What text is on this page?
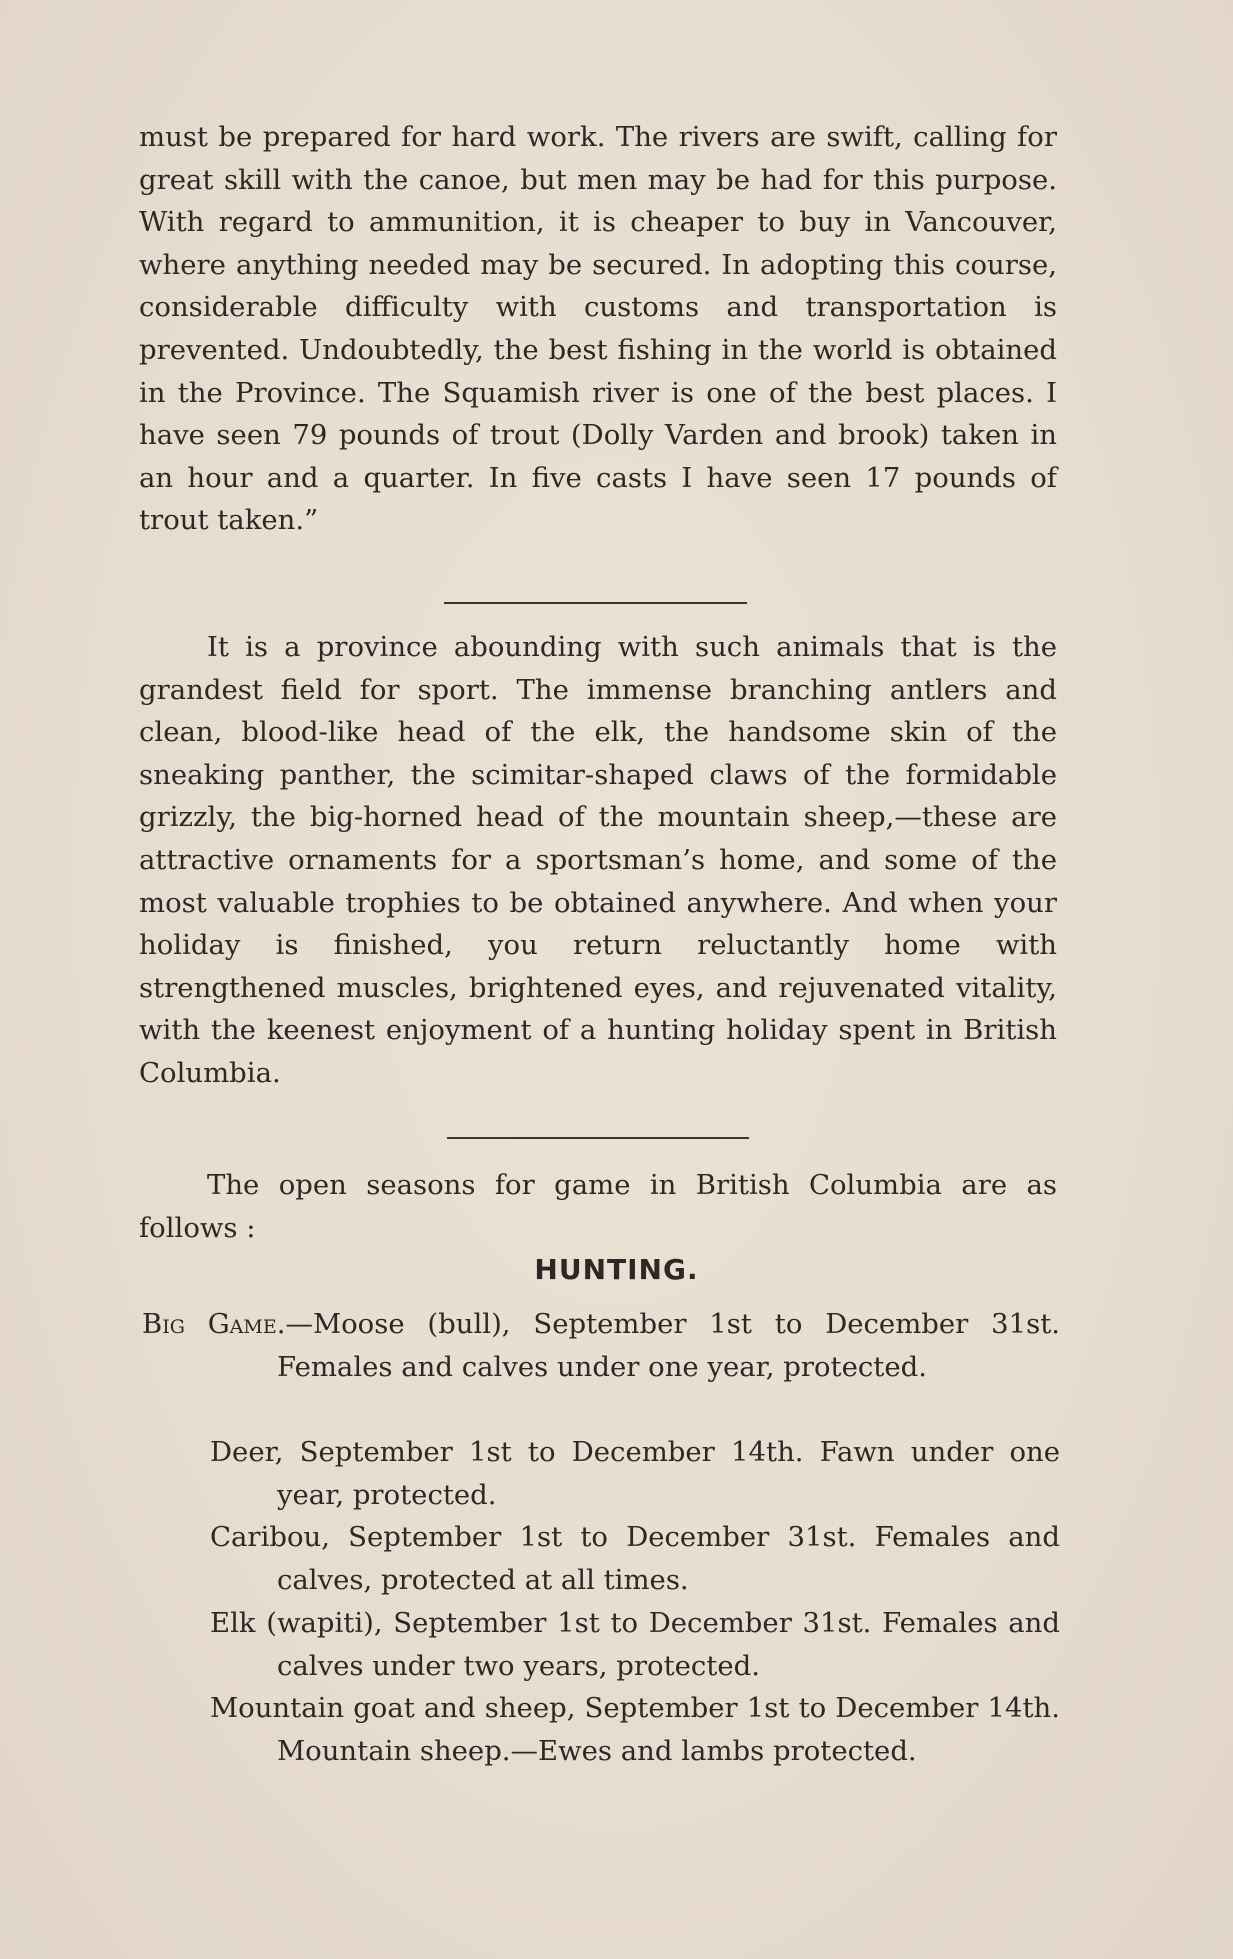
must be prepared for hard work. The rivers are swift, calling for great skill with the canoe, but men may be had for this purpose. With regard to ammunition, it is cheaper to buy in Vancouver, where anything needed may be secured. In adopting this course, considerable difficulty with customs and transportation is prevented. Undoubtedly, the best fishing in the world is obtained in the Province. The Squamish river is one of the best places. I have seen 79 pounds of trout (Dolly Varden and brook) taken in an hour and a quarter. In five casts I have seen 17 pounds of trout taken.”

It is a province abounding with such animals that is the grandest field for sport. The immense branching antlers and clean, blood-like head of the elk, the handsome skin of the sneaking panther, the scimitar-shaped claws of the formidable grizzly, the big-horned head of the mountain sheep,—these are attractive ornaments for a sportsman’s home, and some of the most valuable trophies to be obtained anywhere. And when your holiday is finished, you return reluctantly home with strengthened muscles, brightened eyes, and rejuvenated vitality, with the keenest enjoyment of a hunting holiday spent in British Columbia.

The open seasons for game in British Columbia are as follows :

HUNTING.

Big Game.—Moose (bull), September 1st to December 31st. Females and calves under one year, protected.

Deer, September 1st to December 14th. Fawn under one year, protected.

Caribou, September 1st to December 31st. Females and calves, protected at all times.

Elk (wapiti), September 1st to December 31st. Females and calves under two years, protected.

Mountain goat and sheep, September 1st to December 14th. Mountain sheep.—Ewes and lambs protected.
